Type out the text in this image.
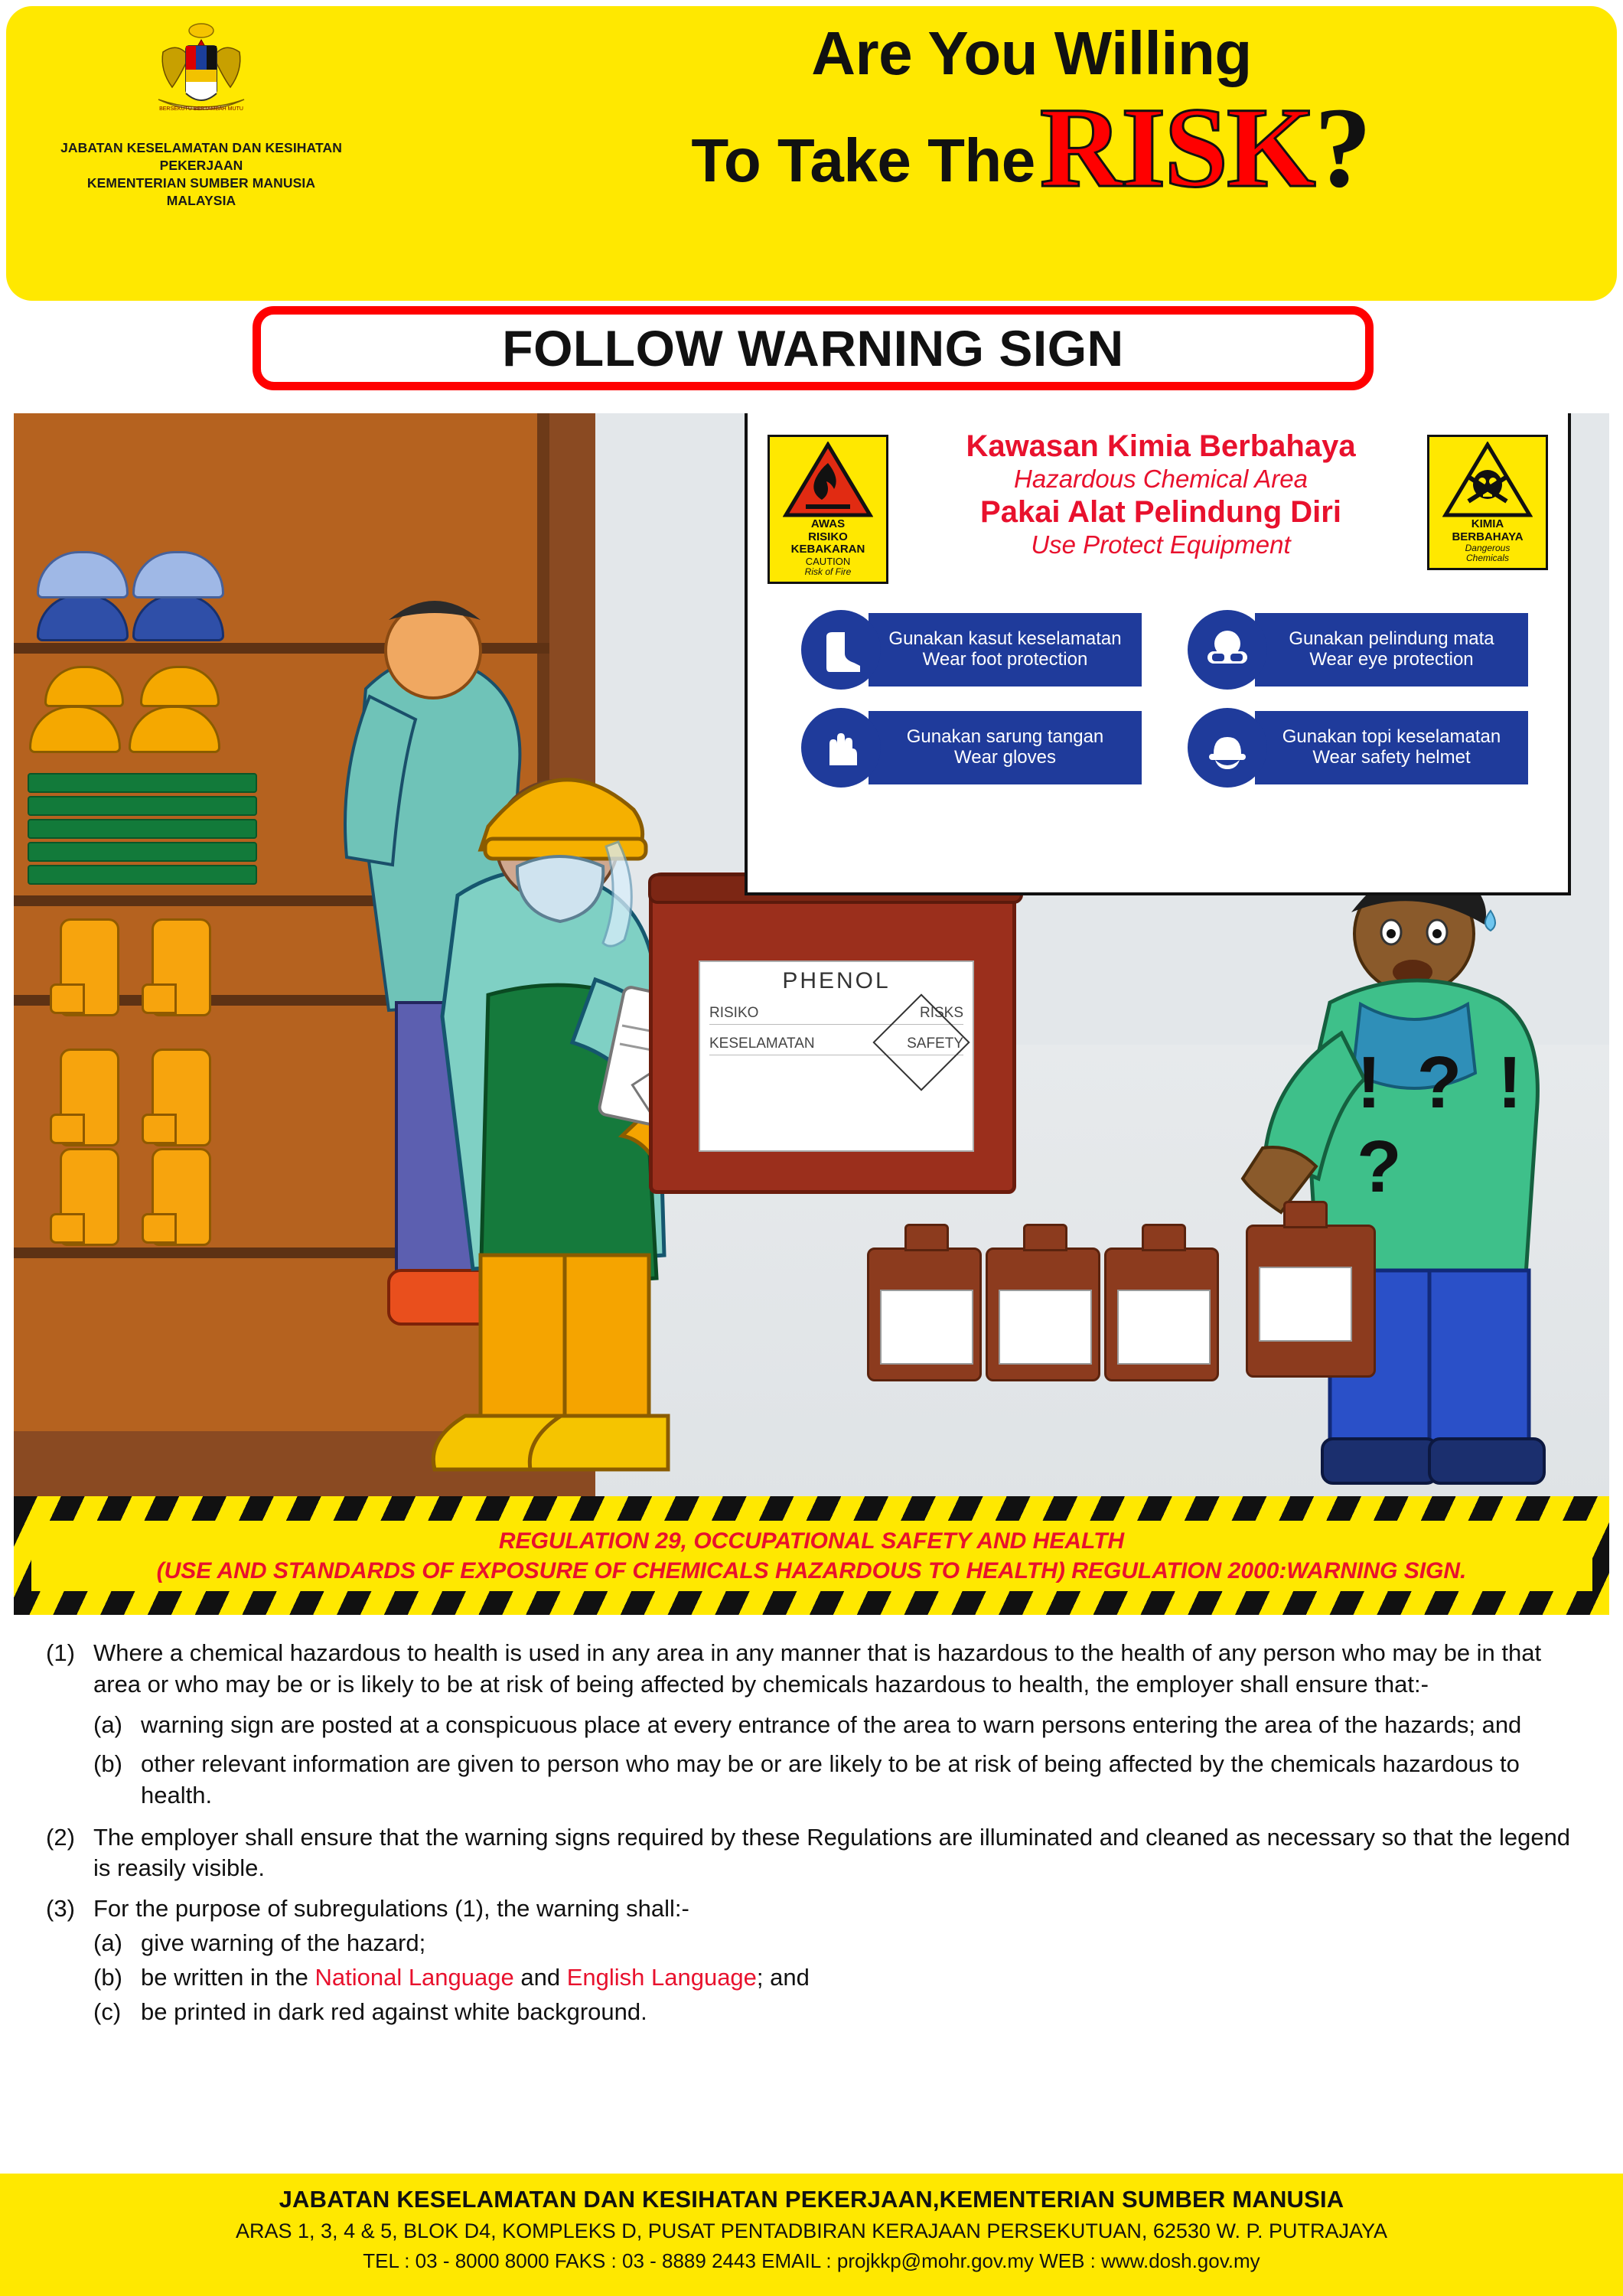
BERSEKUTU BERTAMBAH MUTU
JABATAN KESELAMATAN DAN KESIHATAN PEKERJAAN
KEMENTERIAN SUMBER MANUSIA
MALAYSIA
Are You Willing
To Take The RISK ?
FOLLOW WARNING SIGN
! ? ! ?
PHENOL
RISIKO	RISKS
KESELAMATAN	SAFETY
AWAS
RISIKO KEBAKARAN
CAUTION
Risk of Fire
KIMIA
BERBAHAYA
Dangerous
Chemicals
Kawasan Kimia Berbahaya
Hazardous Chemical Area
Pakai Alat Pelindung Diri
Use Protect Equipment
Gunakan kasut keselamatan
Wear foot protection
Gunakan pelindung mata
Wear eye protection
Gunakan sarung tangan
Wear gloves
Gunakan topi keselamatan
Wear safety helmet
REGULATION 29, OCCUPATIONAL SAFETY AND HEALTH
(USE AND STANDARDS OF EXPOSURE OF CHEMICALS HAZARDOUS TO HEALTH) REGULATION 2000:WARNING SIGN.
(1) Where a chemical hazardous to health is used in any area in any manner that is hazardous to the health of any person who may be in that area or who may be or is likely to be at risk of being affected by chemicals hazardous to health, the employer shall ensure that:-
(a) warning sign are posted at a conspicuous place at every entrance of the area to warn persons entering the area of the hazards; and
(b) other relevant information are given to person who may be or are likely to be at risk of being affected by the chemicals hazardous to health.
(2) The employer shall ensure that the warning signs required by these Regulations are illuminated and cleaned as necessary so that the legend is reasily visible.
(3) For the purpose of subregulations (1), the warning shall:-
(a) give warning of the hazard;
(b) be written in the National Language and English Language; and
(c) be printed in dark red against white background.
JABATAN KESELAMATAN DAN KESIHATAN PEKERJAAN,KEMENTERIAN SUMBER MANUSIA
ARAS 1, 3, 4 & 5, BLOK D4, KOMPLEKS D, PUSAT PENTADBIRAN KERAJAAN PERSEKUTUAN, 62530 W. P. PUTRAJAYA
TEL : 03 - 8000 8000 FAKS : 03 - 8889 2443 EMAIL : projkkp@mohr.gov.my WEB : www.dosh.gov.my
